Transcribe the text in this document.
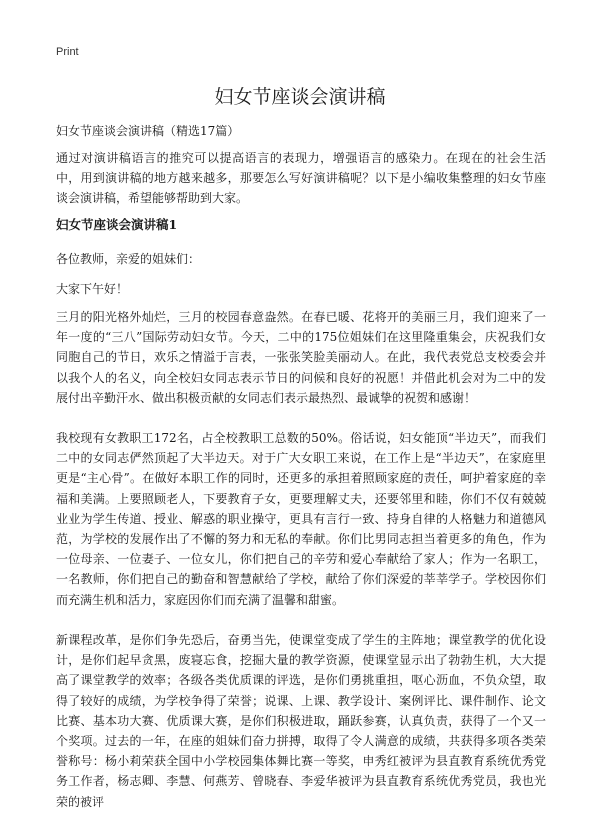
Print
妇女节座谈会演讲稿

妇女节座谈会演讲稿（精选17篇）

通过对演讲稿语言的推究可以提高语言的表现力，增强语言的感染力。在现在的社会生活中，用到演讲稿的地方越来越多，那要怎么写好演讲稿呢？以下是小编收集整理的妇女节座谈会演讲稿，希望能够帮助到大家。

妇女节座谈会演讲稿1

各位教师，亲爱的姐妹们：

大家下午好！

三月的阳光格外灿烂，三月的校园春意盎然。在春已暖、花将开的美丽三月，我们迎来了一年一度的“三八”国际劳动妇女节。今天，二中的175位姐妹们在这里隆重集会，庆祝我们女同胞自己的节日，欢乐之情溢于言表，一张张笑脸美丽动人。在此，我代表党总支校委会并以我个人的名义，向全校妇女同志表示节日的问候和良好的祝愿！并借此机会对为二中的发展付出辛勤汗水、做出积极贡献的女同志们表示最热烈、最诚挚的祝贺和感谢！

我校现有女教职工172名，占全校教职工总数的50%。俗话说，妇女能顶“半边天”，而我们二中的女同志俨然顶起了大半边天。对于广大女职工来说，在工作上是“半边天”，在家庭里更是“主心骨”。在做好本职工作的同时，还更多的承担着照顾家庭的责任，呵护着家庭的幸福和美满。上要照顾老人，下要教育子女，更要理解丈夫，还要邻里和睦，你们不仅有兢兢业业为学生传道、授业、解惑的职业操守，更具有言行一致、持身自律的人格魅力和道德风范，为学校的发展作出了不懈的努力和无私的奉献。你们比男同志担当着更多的角色，作为一位母亲、一位妻子、一位女儿，你们把自己的辛劳和爱心奉献给了家人；作为一名职工，一名教师，你们把自己的勤奋和智慧献给了学校，献给了你们深爱的莘莘学子。学校因你们而充满生机和活力，家庭因你们而充满了温馨和甜蜜。

新课程改革，是你们争先恐后，奋勇当先，使课堂变成了学生的主阵地；课堂教学的优化设计，是你们起早贪黑，废寝忘食，挖掘大量的教学资源，使课堂显示出了勃勃生机，大大提高了课堂教学的效率；各级各类优质课的评选，是你们勇挑重担，呕心沥血，不负众望，取得了较好的成绩，为学校争得了荣誉；说课、上课、教学设计、案例评比、课件制作、论文比赛、基本功大赛、优质课大赛，是你们积极进取，踊跃参赛，认真负责，获得了一个又一个奖项。过去的一年，在座的姐妹们奋力拼搏，取得了令人满意的成绩，共获得多项各类荣誉称号：杨小莉荣获全国中小学校园集体舞比赛一等奖，申秀红被评为县直教育系统优秀党务工作者，杨志卿、李慧、何燕芳、曾晓春、李爱华被评为县直教育系统优秀党员，我也光荣的被评
